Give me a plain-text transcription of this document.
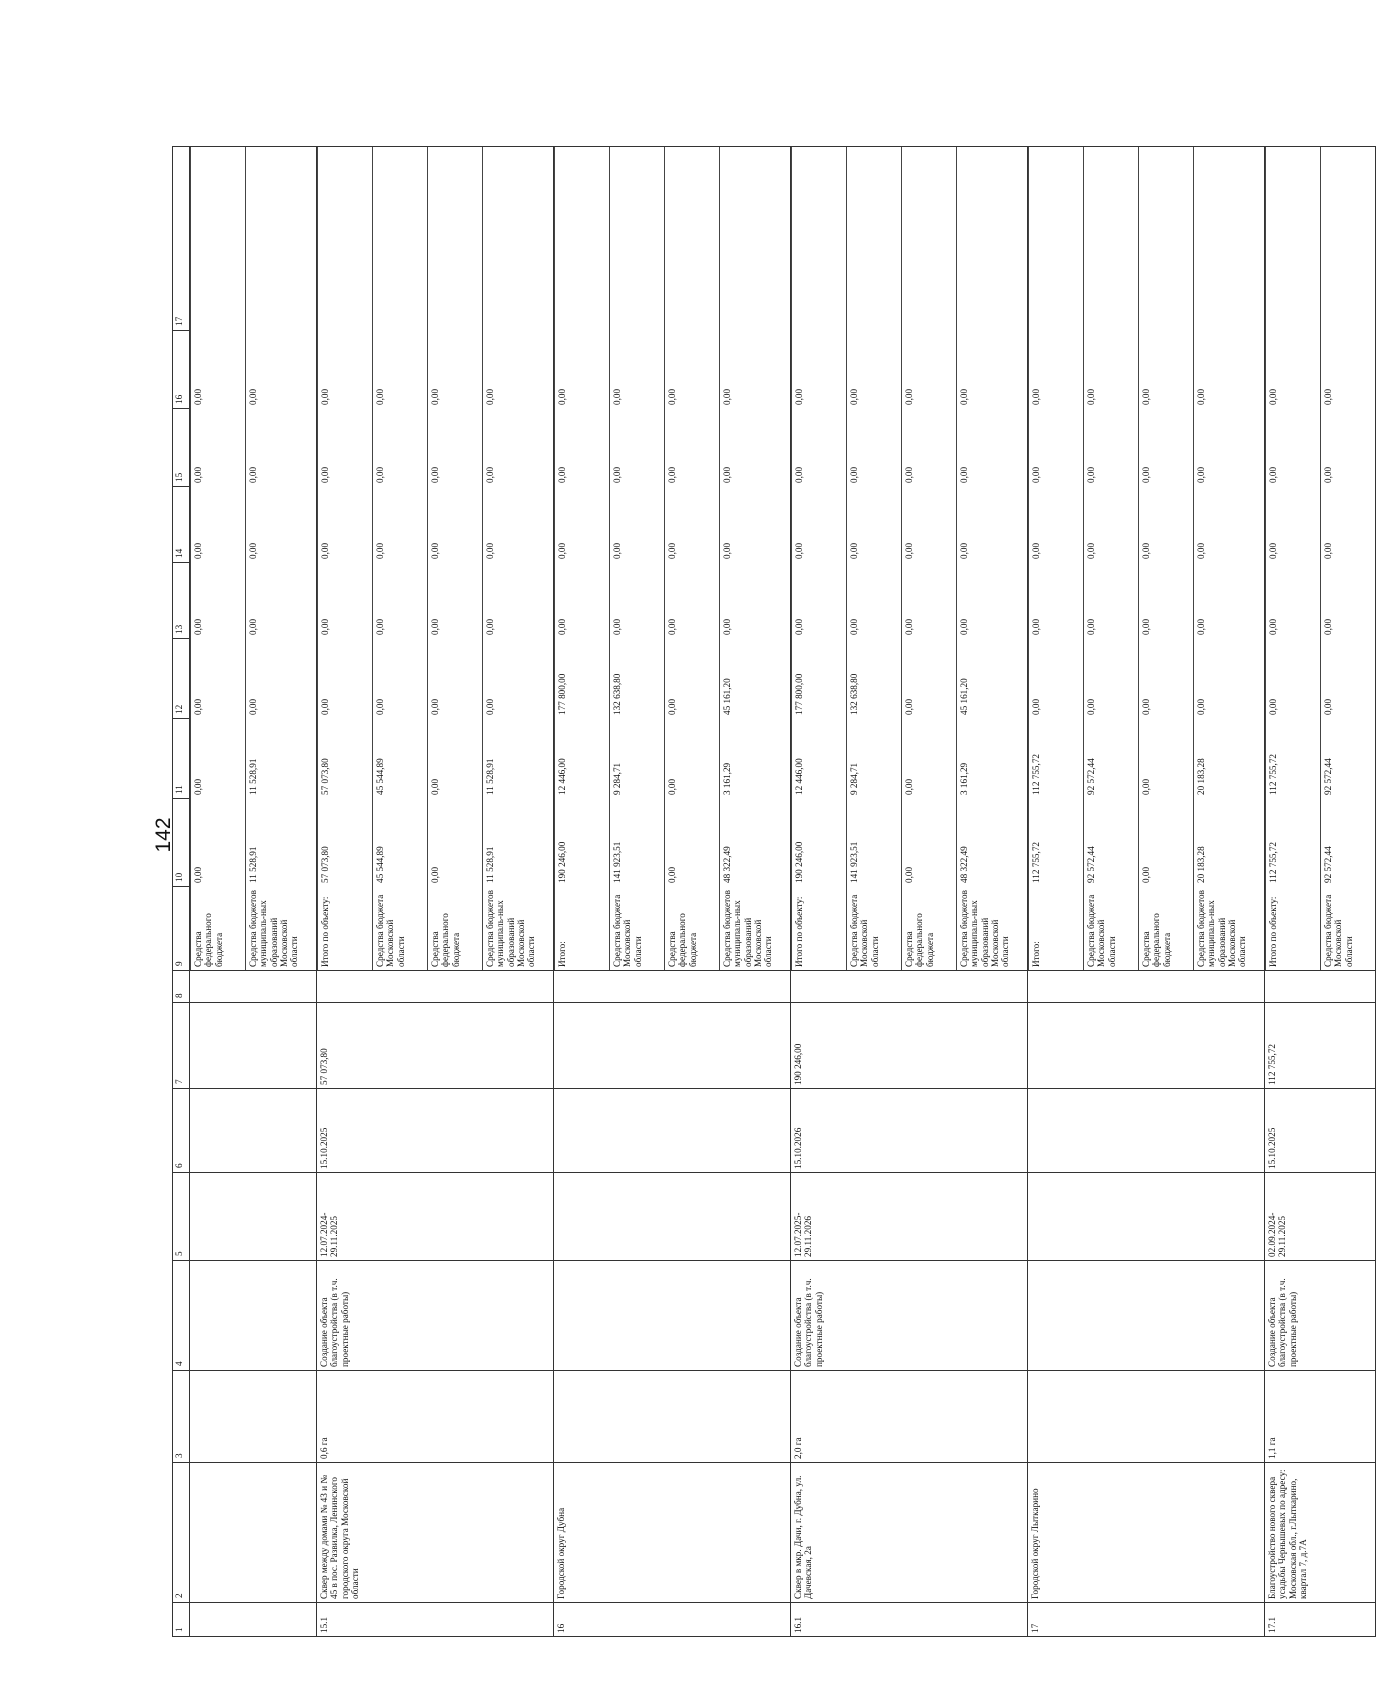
142
1	2	3	4	5	6	7	8	9	10	11	12	13	14	15	16	17

Средства федерального бюджета	0,00	0,00	0,00	0,00	0,00	0,00	0,00	
Средства бюджетов муниципаль-ных образований Московской области	11 528,91	11 528,91	0,00	0,00	0,00	0,00	0,00	

15.1	Сквер между домами № 43 и № 45 в пос. Развилка, Ленинского городского округа Московской области	0,6 га	Создание объекта благоустройства (в т.ч. проектные работы)	12.07.2024-29.11.2025	15.10.2025	57 073,80		
Итого по объекту:	57 073,80	57 073,80	0,00	0,00	0,00	0,00	0,00	
Средства бюджета Московской области	45 544,89	45 544,89	0,00	0,00	0,00	0,00	0,00	
Средства федерального бюджета	0,00	0,00	0,00	0,00	0,00	0,00	0,00	
Средства бюджетов муниципаль-ных образований Московской области	11 528,91	11 528,91	0,00	0,00	0,00	0,00	0,00	

16	Городской округ Дубна							
Итого:	190 246,00	12 446,00	177 800,00	0,00	0,00	0,00	0,00	
Средства бюджета Московской области	141 923,51	9 284,71	132 638,80	0,00	0,00	0,00	0,00	
Средства федерального бюджета	0,00	0,00	0,00	0,00	0,00	0,00	0,00	
Средства бюджетов муниципаль-ных образований Московской области	48 322,49	3 161,29	45 161,20	0,00	0,00	0,00	0,00	

16.1	Сквер в мкр. Дачи, г. Дубна, ул. Дачевская, 2а	2,0 га	Создание объекта благоустройства (в т.ч. проектные работы)	12.07.2025-29.11.2026	15.10.2026	190 246,00		
Итого по объекту:	190 246,00	12 446,00	177 800,00	0,00	0,00	0,00	0,00	
Средства бюджета Московской области	141 923,51	9 284,71	132 638,80	0,00	0,00	0,00	0,00	
Средства федерального бюджета	0,00	0,00	0,00	0,00	0,00	0,00	0,00	
Средства бюджетов муниципаль-ных образований Московской области	48 322,49	3 161,29	45 161,20	0,00	0,00	0,00	0,00	

17	Городской округ Лыткарино							
Итого:	112 755,72	112 755,72	0,00	0,00	0,00	0,00	0,00	
Средства бюджета Московской области	92 572,44	92 572,44	0,00	0,00	0,00	0,00	0,00	
Средства федерального бюджета	0,00	0,00	0,00	0,00	0,00	0,00	0,00	
Средства бюджетов муниципаль-ных образований Московской области	20 183,28	20 183,28	0,00	0,00	0,00	0,00	0,00	

17.1	Благоустройство нового сквера усадьбы Чернышевых по адресу: Московская обл., г.Лыткарино, квартал 7, д.7А	1,1 га	Создание объекта благоустройства (в т.ч. проектные работы)	02.09.2024-29.11.2025	15.10.2025	112 755,72		
Итого по объекту:	112 755,72	112 755,72	0,00	0,00	0,00	0,00	0,00	
Средства бюджета Московской области	92 572,44	92 572,44	0,00	0,00	0,00	0,00	0,00	
